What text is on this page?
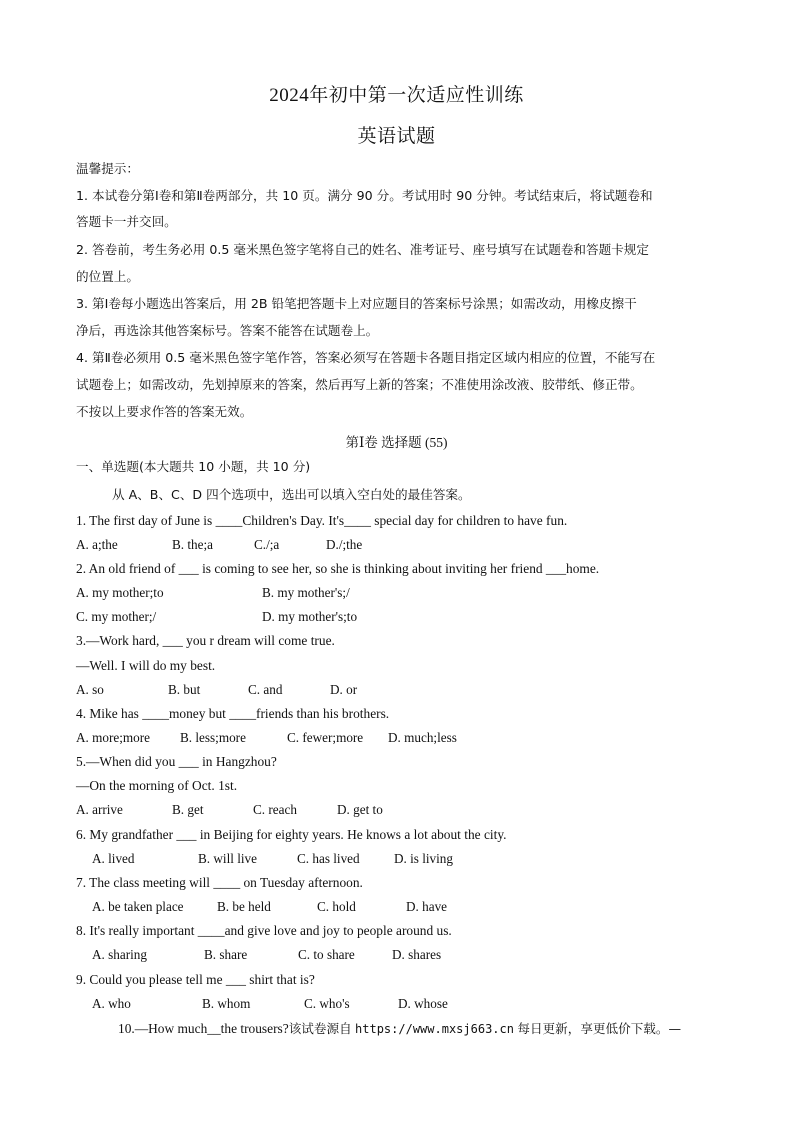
2024年初中第一次适应性训练
英语试题
温馨提示：
1. 本试卷分第Ⅰ卷和第Ⅱ卷两部分，共 10 页。满分 90 分。考试用时 90 分钟。考试结束后，将试题卷和
答题卡一并交回。
2. 答卷前，考生务必用 0.5 毫米黑色签字笔将自己的姓名、准考证号、座号填写在试题卷和答题卡规定
的位置上。
3. 第Ⅰ卷每小题选出答案后，用 2B 铅笔把答题卡上对应题目的答案标号涂黑；如需改动，用橡皮擦干
净后，再选涂其他答案标号。答案不能答在试题卷上。
4. 第Ⅱ卷必须用 0.5 毫米黑色签字笔作答，答案必须写在答题卡各题目指定区域内相应的位置，不能写在
试题卷上；如需改动，先划掉原来的答案，然后再写上新的答案；不准使用涂改液、胶带纸、修正带。
不按以上要求作答的答案无效。
第Ⅰ卷 选择题 (55)
一、单选题(本大题共 10 小题，共 10 分)
从 A、B、C、D 四个选项中，选出可以填入空白处的最佳答案。
1. The first day of June is ____Children's Day. It's____ special day for children to have fun.
A. a;the	B. the;a	C./;a	D./;the
2. An old friend of ___ is coming to see her, so she is thinking about inviting her friend ___home.
A. my mother;to	B. my mother's;/
C. my mother;/	D. my mother's;to
3.—Work hard, ___ you r dream will come true.
—Well. I will do my best.
A. so	B. but	C. and	D. or
4. Mike has ____money but ____friends than his brothers.
A. more;more B. less;more	C. fewer;more D. much;less
5.—When did you ___ in Hangzhou?
—On the morning of Oct. 1st.
A. arrive	B. get	C. reach	D. get to
6. My grandfather ___ in Beijing for eighty years. He knows a lot about the city.
A. lived	B. will live	C. has lived	D. is living
7. The class meeting will ____ on Tuesday afternoon.
A. be taken place	B. be held	C. hold	D. have
8. It's really important ____and give love and joy to people around us.
A. sharing	B. share	C. to share	D. shares
9. Could you please tell me ___ shirt that is?
A. who	B. whom	C. who's	D. whose
10.—How much__the trousers?该试卷源自 https://www.mxsj663.cn 每日更新，享更低价下载。—
